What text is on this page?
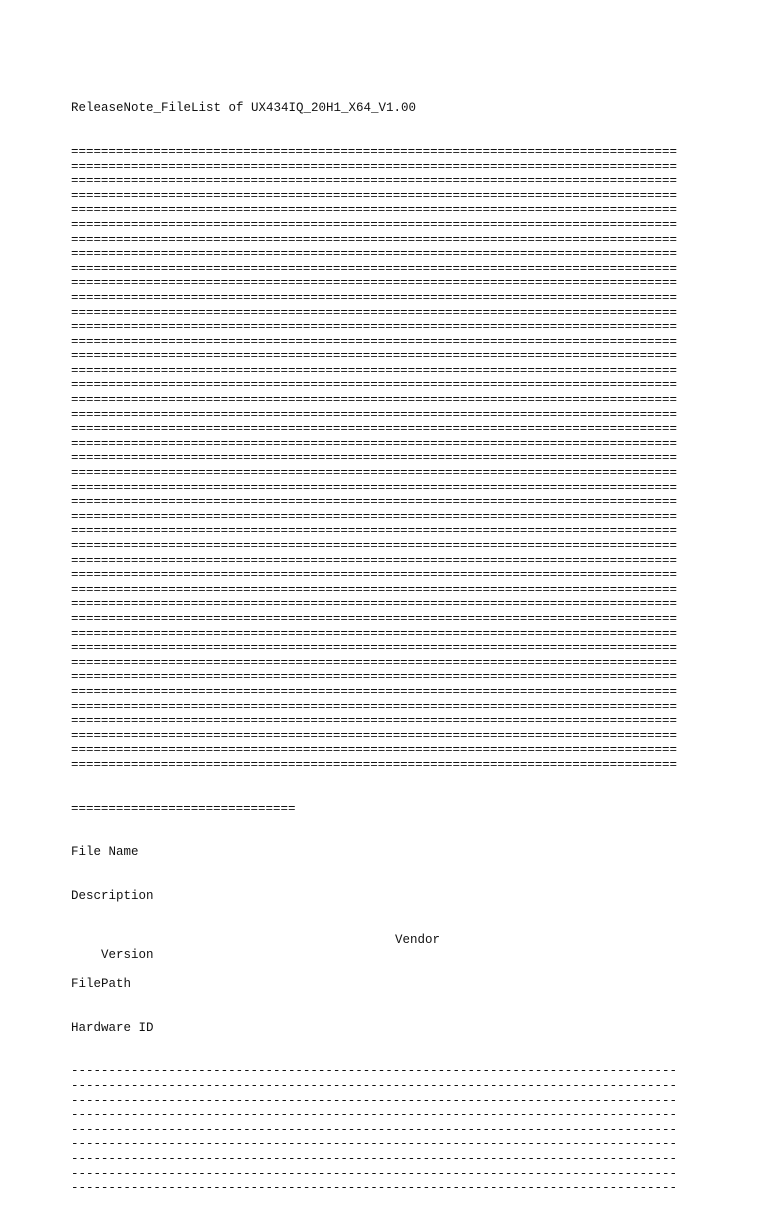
ReleaseNote_FileList of UX434IQ_20H1_X64_V1.00

=================================================================================
=================================================================================
=================================================================================
=================================================================================
=================================================================================
=================================================================================
=================================================================================
=================================================================================
=================================================================================
=================================================================================
=================================================================================
=================================================================================
=================================================================================
=================================================================================
=================================================================================
=================================================================================
=================================================================================
=================================================================================
=================================================================================
=================================================================================
=================================================================================
=================================================================================
=================================================================================
=================================================================================
=================================================================================
=================================================================================
=================================================================================
=================================================================================
=================================================================================
=================================================================================
=================================================================================
=================================================================================
=================================================================================
=================================================================================
=================================================================================
=================================================================================
=================================================================================
=================================================================================
=================================================================================
=================================================================================
=================================================================================
=================================================================================
=================================================================================

==============================

File Name

Description

Version

Vendor

FilePath

Hardware ID

---------------------------------------------------------------------------------
---------------------------------------------------------------------------------
---------------------------------------------------------------------------------
---------------------------------------------------------------------------------
---------------------------------------------------------------------------------
---------------------------------------------------------------------------------
---------------------------------------------------------------------------------
---------------------------------------------------------------------------------
---------------------------------------------------------------------------------
